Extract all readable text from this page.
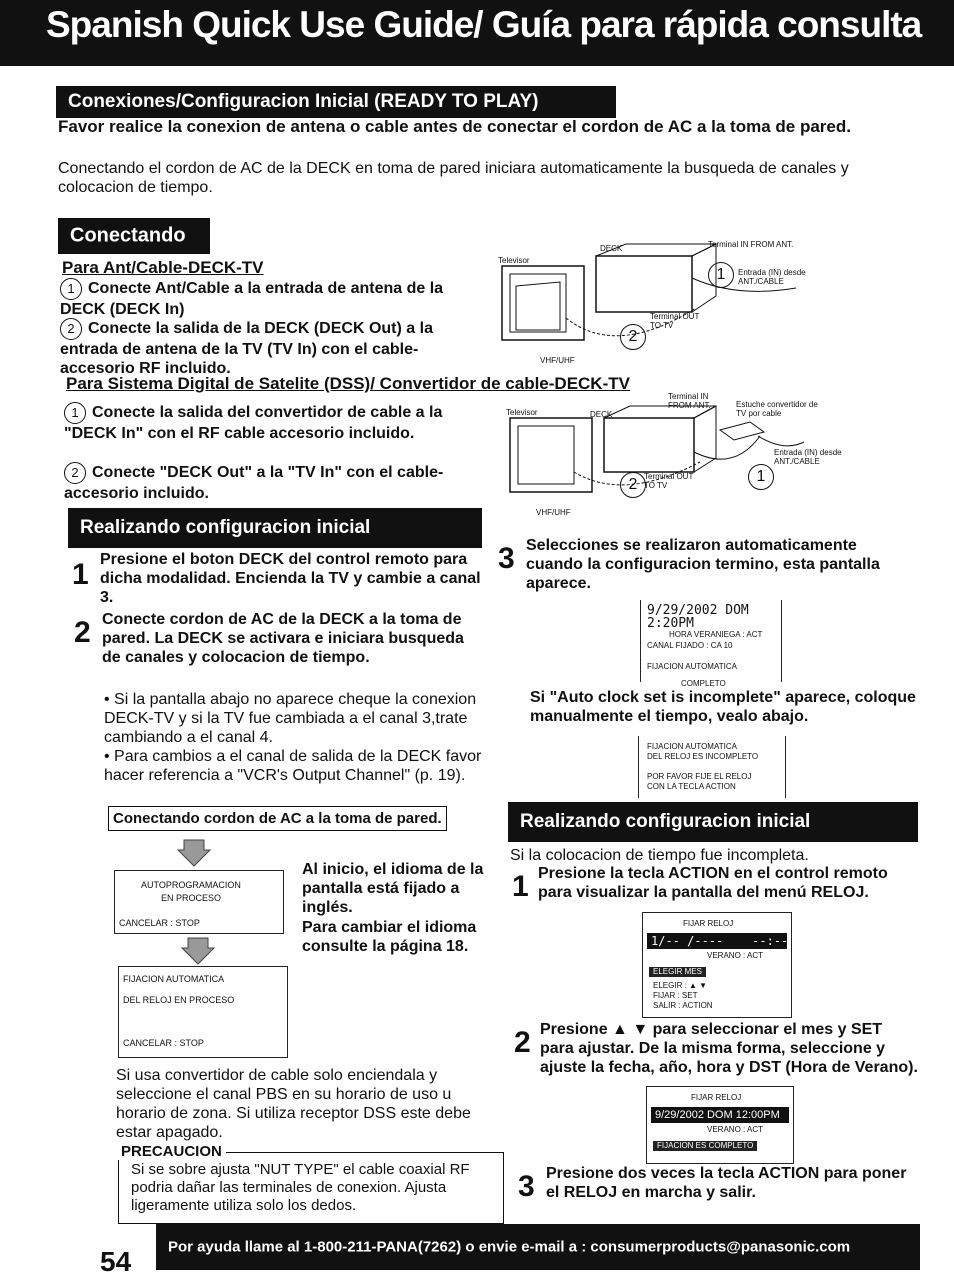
Spanish Quick Use Guide/ Guía para rápida consulta
Conexiones/Configuracion Inicial (READY TO PLAY)
Favor realice la conexion de antena o cable antes de conectar el cordon de AC a la toma de pared.
Conectando el cordon de AC de la DECK en toma de pared iniciara automaticamente la busqueda de canales y colocacion de tiempo.
Conectando
Para Ant/Cable-DECK-TV
1 Conecte Ant/Cable a la entrada de antena de la DECK (DECK In)
2 Conecte la salida de la DECK (DECK Out) a la entrada de antena de la TV (TV In) con el cable-accesorio RF incluido.
Televisor
DECK	Terminal IN FROM ANT.
Entrada (IN) desde ANT./CABLE
Terminal OUT TO TV
VHF/UHF
1
2
Para Sistema Digital de Satelite (DSS)/ Convertidor de cable-DECK-TV
1 Conecte la salida del convertidor de cable a la "DECK In" con el RF cable accesorio incluido.
2 Conecte "DECK Out" a la "TV In" con el cable-accesorio incluido.
Televisor	DECK
Terminal IN FROM ANT.	Estuche convertidor de TV por cable
Entrada (IN) desde ANT./CABLE
Terminal OUT TO TV
VHF/UHF
1
2
Realizando configuracion inicial
1 Presione el boton DECK del control remoto para dicha modalidad. Encienda la TV y cambie a canal 3.
2 Conecte cordon de AC de la DECK a la toma de pared. La DECK se activara e iniciara busqueda de canales y colocacion de tiempo.
• Si la pantalla abajo no aparece cheque la conexion DECK-TV y si la TV fue cambiada a el canal 3,trate cambiando a el canal 4.
• Para cambios a el canal de salida de la DECK favor hacer referencia a "VCR's Output Channel" (p. 19).
Conectando cordon de AC a la toma de pared.
AUTOPROGRAMACION
EN PROCESO
CANCELAR : STOP
FIJACION AUTOMATICA
DEL RELOJ EN PROCESO
CANCELAR : STOP
Al inicio, el idioma de la pantalla está fijado a inglés.
Para cambiar el idioma consulte la página 18.
Si usa convertidor de cable solo enciendala y seleccione el canal PBS en su horario de uso u horario de zona. Si utiliza receptor DSS este debe estar apagado.
PRECAUCION
Si se sobre ajusta "NUT TYPE" el cable coaxial RF podria dañar las terminales de conexion. Ajusta ligeramente utiliza solo los dedos.
3 Selecciones se realizaron automaticamente cuando la configuracion termino, esta pantalla aparece.
9/29/2002 DOM 2:20PM
HORA VERANIEGA : ACT
CANAL FIJADO : CA 10
FIJACION AUTOMATICA
COMPLETO
Si "Auto clock set is incomplete" aparece, coloque manualmente el tiempo, vealo abajo.
FIJACION AUTOMATICA
DEL RELOJ ES INCOMPLETO
POR FAVOR FIJE EL RELOJ
CON LA TECLA ACTION
Realizando configuracion inicial
Si la colocacion de tiempo fue incompleta.
1 Presione la tecla ACTION en el control remoto para visualizar la pantalla del menú RELOJ.
FIJAR RELOJ
1/-- /----    --:--
VERANO : ACT
ELEGIR MES
ELEGIR : ▲ ▼
FIJAR : SET
SALIR : ACTION
2 Presione ▲ ▼ para seleccionar el mes y SET para ajustar. De la misma forma, seleccione y ajuste la fecha, año, hora y DST (Hora de Verano).
FIJAR RELOJ
9/29/2002 DOM 12:00PM
VERANO : ACT
FIJACION ES COMPLETO
3 Presione dos veces la tecla ACTION para poner el RELOJ en marcha y salir.
54 Por ayuda llame al 1-800-211-PANA(7262) o envie e-mail a : consumerproducts@panasonic.com
